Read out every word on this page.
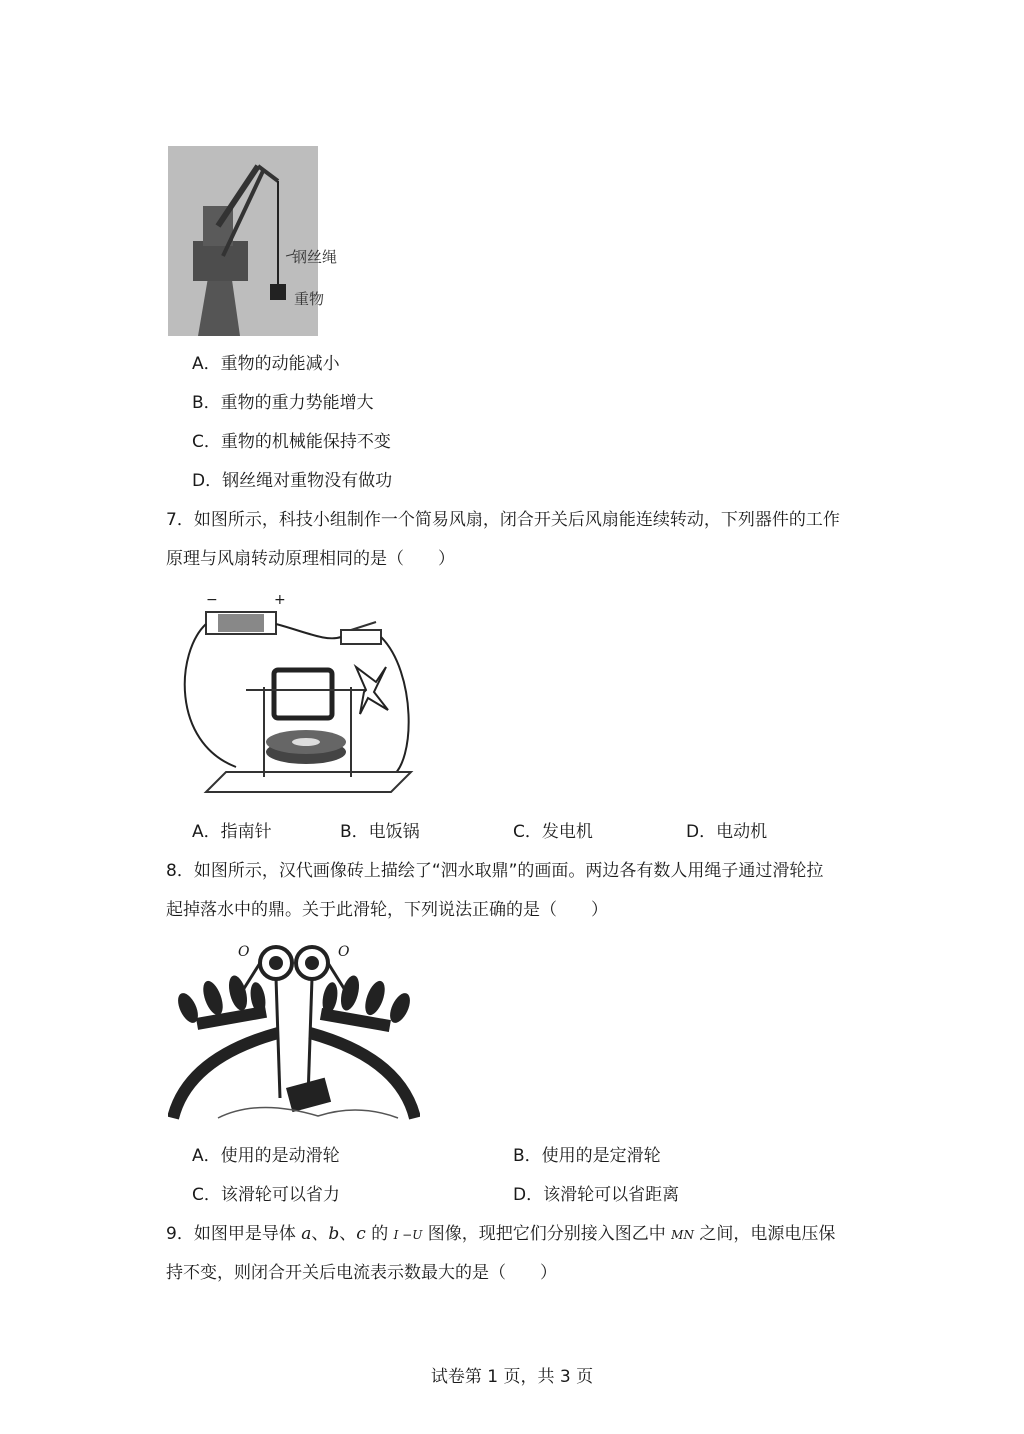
钢丝绳
重物
A．重物的动能减小
B．重物的重力势能增大
C．重物的机械能保持不变
D．钢丝绳对重物没有做功
7．如图所示，科技小组制作一个简易风扇，闭合开关后风扇能连续转动，下列器件的工作
原理与风扇转动原理相同的是（　　）
−	+
A．指南针	B．电饭锅	C．发电机	D．电动机
8．如图所示，汉代画像砖上描绘了“泗水取鼎”的画面。两边各有数人用绳子通过滑轮拉
起掉落水中的鼎。关于此滑轮，下列说法正确的是（　　）
O	O
A．使用的是动滑轮	B．使用的是定滑轮
C．该滑轮可以省力	D．该滑轮可以省距离
9．如图甲是导体 a、b、c 的 I −U 图像，现把它们分别接入图乙中 MN 之间，电源电压保
持不变，则闭合开关后电流表示数最大的是（　　）
试卷第 1 页，共 3 页
